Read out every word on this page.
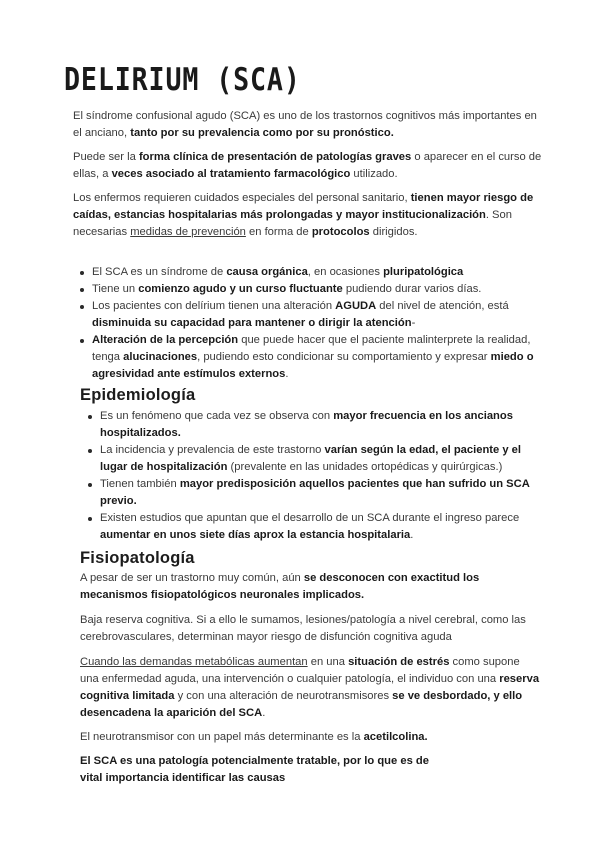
DELIRIUM (SCA)

El síndrome confusional agudo (SCA) es uno de los trastornos cognitivos más importantes en el anciano, tanto por su prevalencia como por su pronóstico.

Puede ser la forma clínica de presentación de patologías graves o aparecer en el curso de ellas, a veces asociado al tratamiento farmacológico utilizado.

Los enfermos requieren cuidados especiales del personal sanitario, tienen mayor riesgo de caídas, estancias hospitalarias más prolongadas y mayor institucionalización. Son necesarias medidas de prevención en forma de protocolos dirigidos.

El SCA es un síndrome de causa orgánica, en ocasiones pluripatológica
Tiene un comienzo agudo y un curso fluctuante pudiendo durar varios días.
Los pacientes con delírium tienen una alteración AGUDA del nivel de atención, está disminuida su capacidad para mantener o dirigir la atención-
Alteración de la percepción que puede hacer que el paciente malinterprete la realidad, tenga alucinaciones, pudiendo esto condicionar su comportamiento y expresar miedo o agresividad ante estímulos externos.
Epidemiología
Es un fenómeno que cada vez se observa con mayor frecuencia en los ancianos hospitalizados.
La incidencia y prevalencia de este trastorno varían según la edad, el paciente y el lugar de hospitalización (prevalente en las unidades ortopédicas y quirúrgicas.)
Tienen también mayor predisposición aquellos pacientes que han sufrido un SCA previo.
Existen estudios que apuntan que el desarrollo de un SCA durante el ingreso parece aumentar en unos siete días aprox la estancia hospitalaria.
Fisiopatología

A pesar de ser un trastorno muy común, aún se desconocen con exactitud los mecanismos fisiopatológicos neuronales implicados.

Baja reserva cognitiva. Si a ello le sumamos, lesiones/patología a nivel cerebral, como las cerebrovasculares, determinan mayor riesgo de disfunción cognitiva aguda

Cuando las demandas metabólicas aumentan en una situación de estrés como supone una enfermedad aguda, una intervención o cualquier patología, el individuo con una reserva cognitiva limitada y con una alteración de neurotransmisores se ve desbordado, y ello desencadena la aparición del SCA.

El neurotransmisor con un papel más determinante es la acetilcolina.

El SCA es una patología potencialmente tratable, por lo que es de
vital importancia identificar las causas
